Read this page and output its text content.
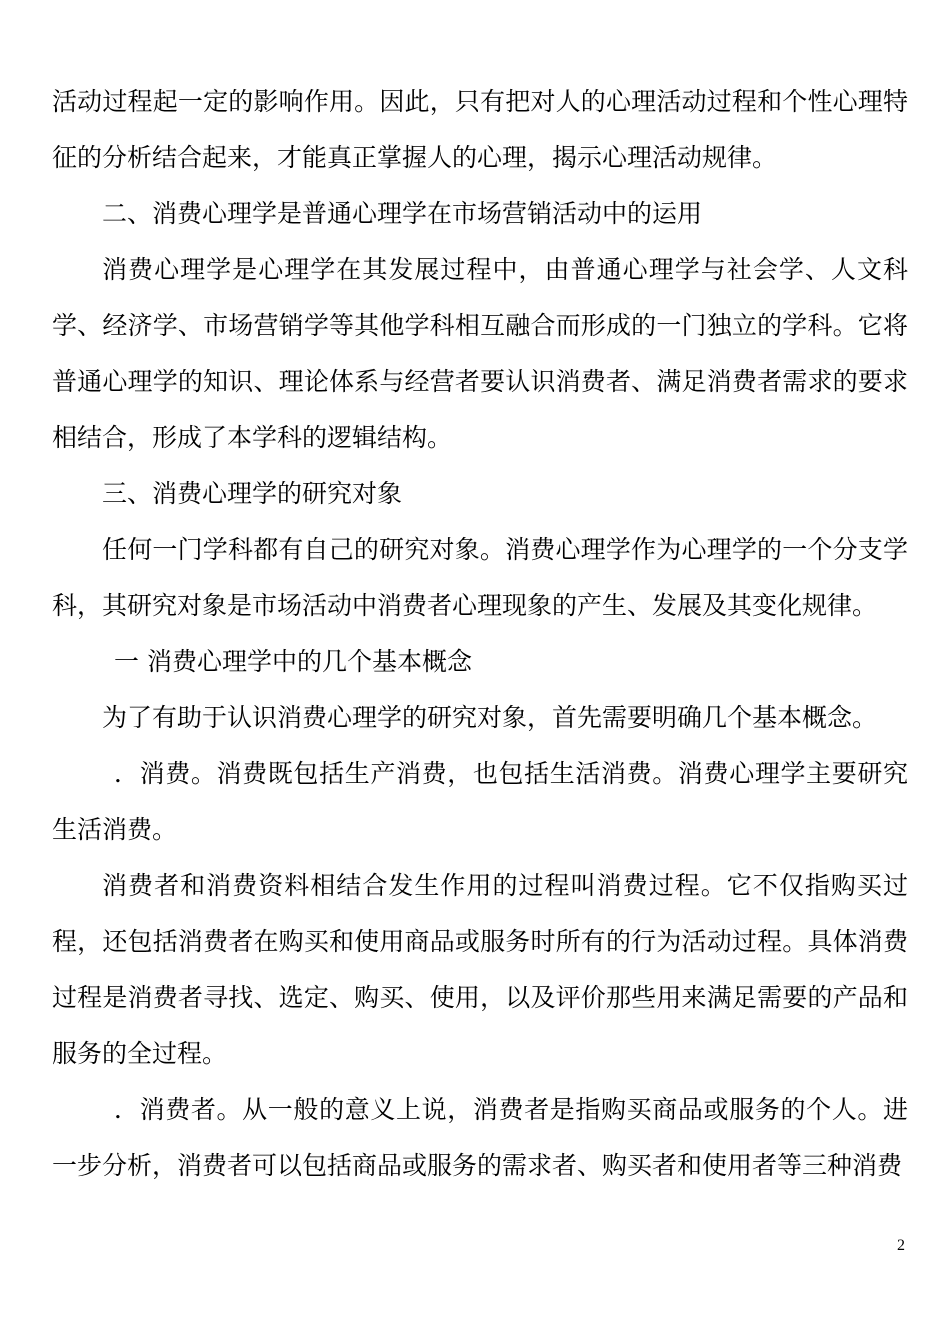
活动过程起一定的影响作用。因此，只有把对人的心理活动过程和个性心理特征的分析结合起来，才能真正掌握人的心理，揭示心理活动规律。

二、消费心理学是普通心理学在市场营销活动中的运用

消费心理学是心理学在其发展过程中，由普通心理学与社会学、人文科学、经济学、市场营销学等其他学科相互融合而形成的一门独立的学科。它将普通心理学的知识、理论体系与经营者要认识消费者、满足消费者需求的要求相结合，形成了本学科的逻辑结构。

三、消费心理学的研究对象

任何一门学科都有自己的研究对象。消费心理学作为心理学的一个分支学科，其研究对象是市场活动中消费者心理现象的产生、发展及其变化规律。

一 消费心理学中的几个基本概念

为了有助于认识消费心理学的研究对象，首先需要明确几个基本概念。

．消费。消费既包括生产消费，也包括生活消费。消费心理学主要研究生活消费。

消费者和消费资料相结合发生作用的过程叫消费过程。它不仅指购买过程，还包括消费者在购买和使用商品或服务时所有的行为活动过程。具体消费过程是消费者寻找、选定、购买、使用，以及评价那些用来满足需要的产品和服务的全过程。

．消费者。从一般的意义上说，消费者是指购买商品或服务的个人。进一步分析，消费者可以包括商品或服务的需求者、购买者和使用者等三种消费

2
